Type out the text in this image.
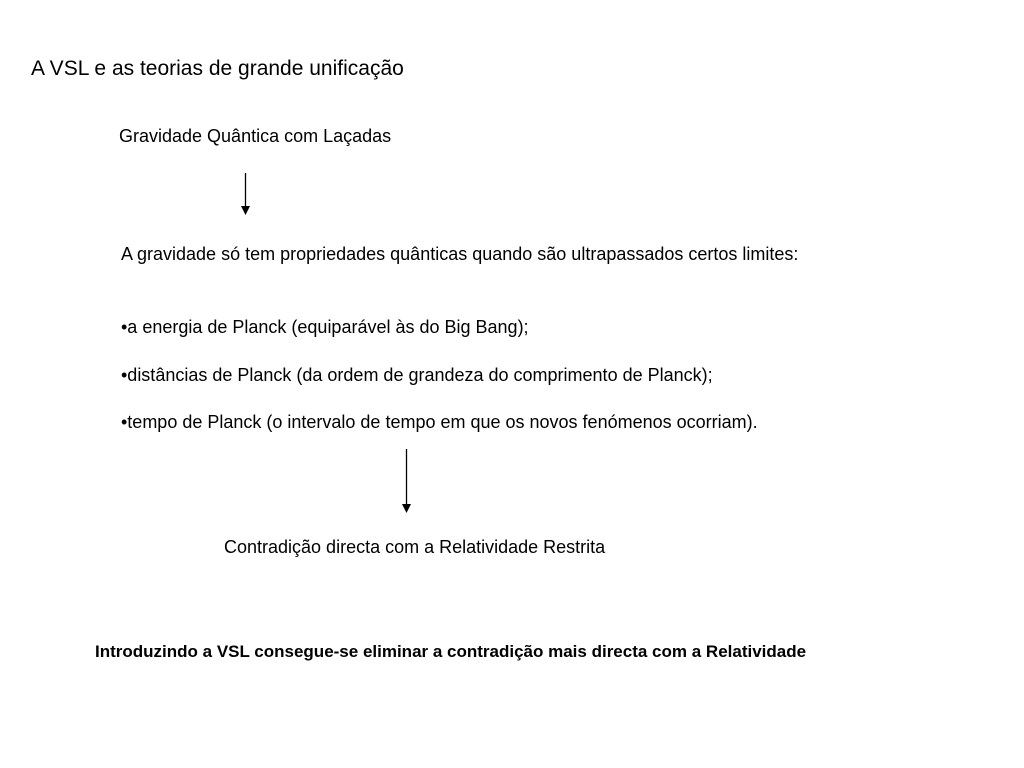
A VSL e as teorias de grande unificação
Gravidade Quântica com Laçadas
A gravidade só tem propriedades quânticas quando são ultrapassados certos limites:
•a energia de Planck (equiparável às do Big Bang);
•distâncias de Planck (da ordem de grandeza do comprimento de Planck);
•tempo de Planck (o intervalo de tempo em que os novos fenómenos ocorriam).
Contradição directa com a Relatividade Restrita
Introduzindo a VSL consegue-se eliminar a contradição mais directa com a Relatividade
